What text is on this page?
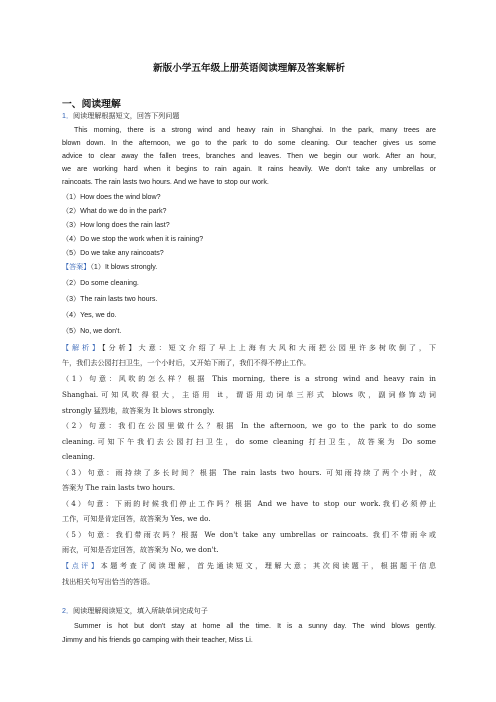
新版小学五年级上册英语阅读理解及答案解析
一、阅读理解
1．阅读理解根据短文，回答下列问题
This morning, there is a strong wind and heavy rain in Shanghai. In the park, many trees are
blown down. In the afternoon, we go to the park to do some cleaning. Our teacher gives us some
advice to clear away the fallen trees, branches and leaves. Then we begin our work. After an hour,
we are working hard when it begins to rain again. It rains heavily. We don't take any umbrellas or
raincoats. The rain lasts two hours. And we have to stop our work.
（1）How does the wind blow?
（2）What do we do in the park?
（3）How long does the rain last?
（4）Do we stop the work when it is raining?
（5）Do we take any raincoats?
【答案】（1）It blows strongly.
（2）Do some cleaning.
（3）The rain lasts two hours.
（4）Yes, we do.
（5）No, we don't.
【解析】【分析】大意：短文介绍了早上上海有大风和大雨把公园里许多树吹倒了，下
午，我们去公园打扫卫生，一个小时后，又开始下雨了，我们不得不停止工作。
（1）句意：风吹的怎么样？根据 This morning, there is a strong wind and heavy rain in
Shanghai.可知风吹得很大，主语用 it，谓语用动词单三形式 blows 吹，副词修饰动词
strongly 猛烈地，故答案为 It blows strongly.
（2）句意：我们在公园里做什么？根据 In the afternoon, we go to the park to do some
cleaning.可知下午我们去公园打扫卫生，do some cleaning 打扫卫生，故答案为 Do some
cleaning.
（3）句意：雨持续了多长时间？根据 The rain lasts two hours. 可知雨持续了两个小时，故
答案为 The rain lasts two hours.
（4）句意：下雨的时候我们停止工作吗？根据 And we have to stop our work.我们必须停止
工作，可知是肯定回答，故答案为 Yes, we do.
（5）句意：我们带雨衣吗？根据 We don't take any umbrellas or raincoats. 我们不带雨伞或
雨衣，可知是否定回答，故答案为 No, we don't.
【点评】本题考查了阅读理解，首先通读短文，理解大意；其次阅读题干，根据题干信息
找出相关句写出恰当的答语。
2．阅读理解阅读短文，填入所缺单词完成句子
Summer is hot but don't stay at home all the time. It is a sunny day. The wind blows gently.
Jimmy and his friends go camping with their teacher, Miss Li.
